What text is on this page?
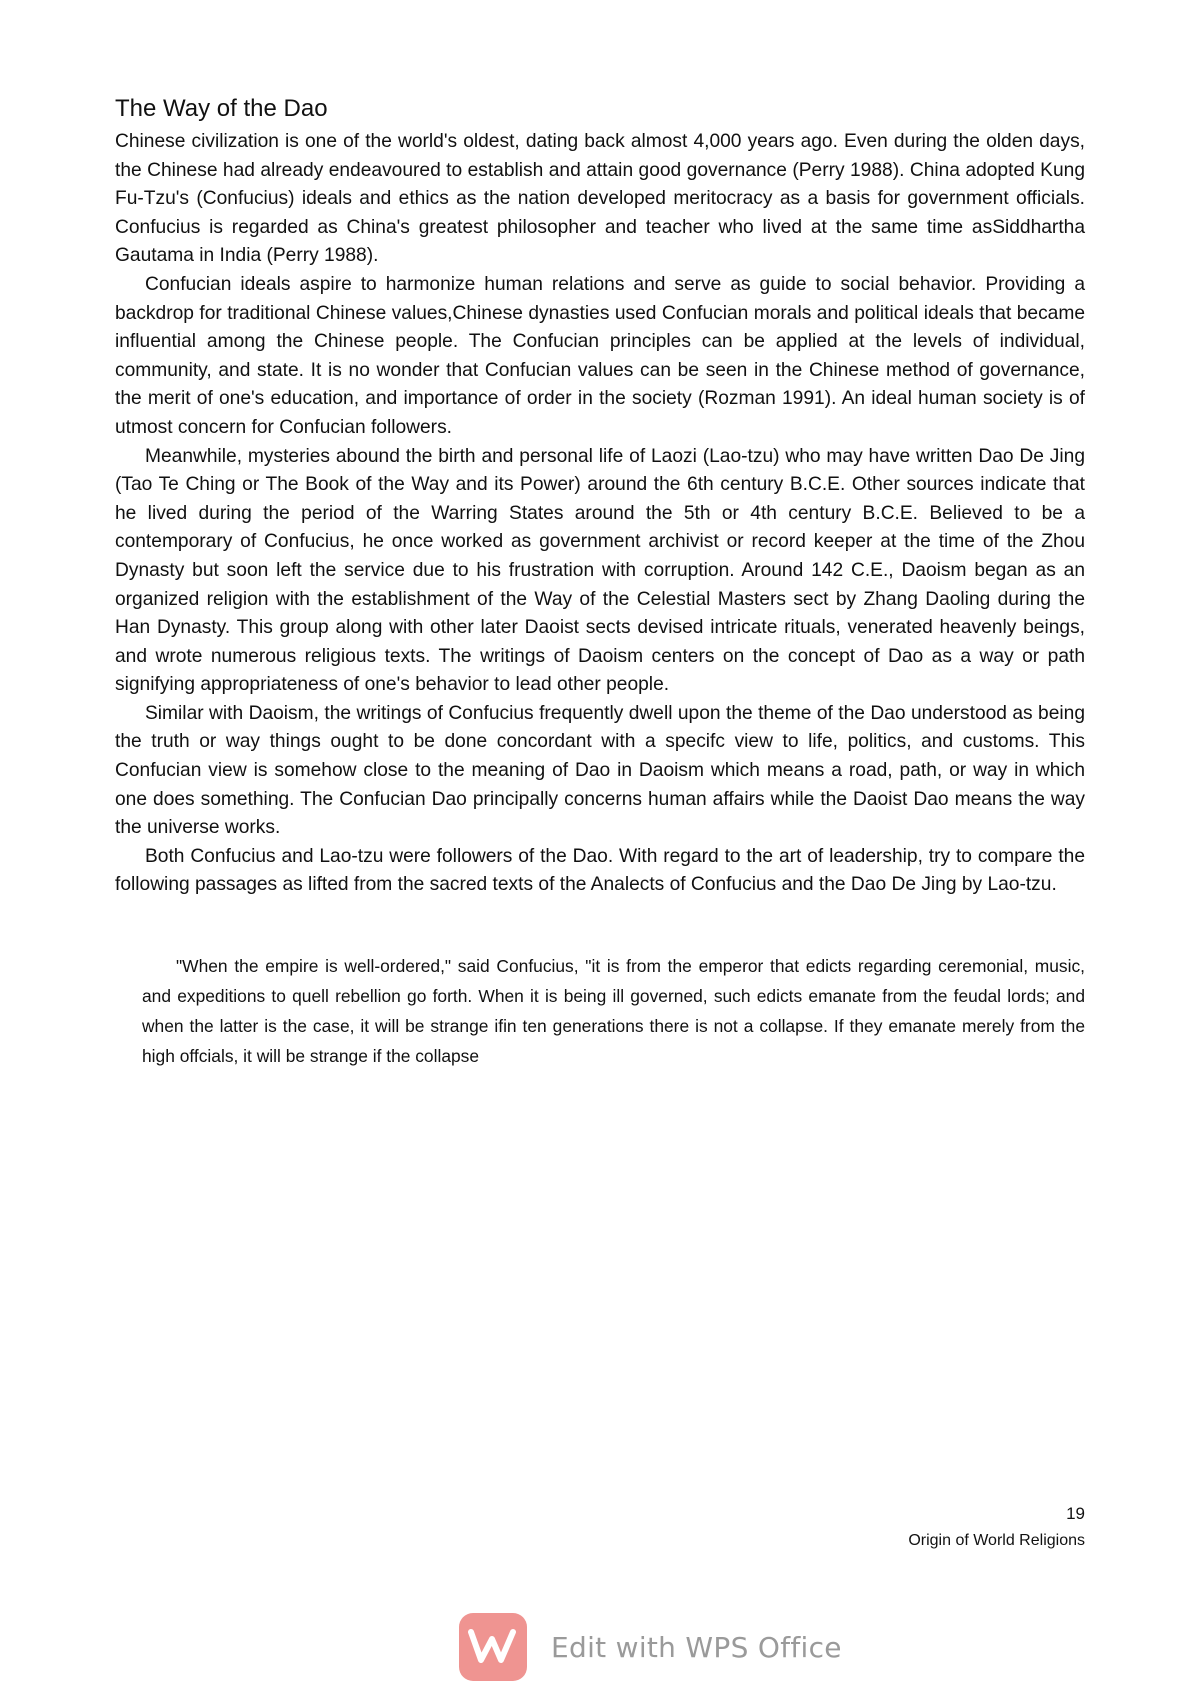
The Way of the Dao

Chinese civilization is one of the world's oldest, dating back almost 4,000 years ago. Even during the olden days, the Chinese had already endeavoured to establish and attain good governance (Perry 1988). China adopted Kung Fu-Tzu's (Confucius) ideals and ethics as the nation developed meritocracy as a basis for government officials. Confucius is regarded as China's greatest philosopher and teacher who lived at the same time asSiddhartha Gautama in India (Perry 1988).

Confucian ideals aspire to harmonize human relations and serve as guide to social behavior. Providing a backdrop for traditional Chinese values,Chinese dynasties used Confucian morals and political ideals that became influential among the Chinese people. The Confucian principles can be applied at the levels of individual, community, and state. It is no wonder that Confucian values can be seen in the Chinese method of governance, the merit of one's education, and importance of order in the society (Rozman 1991). An ideal human society is of utmost concern for Confucian followers.

Meanwhile, mysteries abound the birth and personal life of Laozi (Lao-tzu) who may have written Dao De Jing (Tao Te Ching or The Book of the Way and its Power) around the 6th century B.C.E. Other sources indicate that he lived during the period of the Warring States around the 5th or 4th century B.C.E. Believed to be a contemporary of Confucius, he once worked as government archivist or record keeper at the time of the Zhou Dynasty but soon left the service due to his frustration with corruption. Around 142 C.E., Daoism began as an organized religion with the establishment of the Way of the Celestial Masters sect by Zhang Daoling during the Han Dynasty. This group along with other later Daoist sects devised intricate rituals, venerated heavenly beings, and wrote numerous religious texts. The writings of Daoism centers on the concept of Dao as a way or path signifying appropriateness of one's behavior to lead other people.

Similar with Daoism, the writings of Confucius frequently dwell upon the theme of the Dao understood as being the truth or way things ought to be done concordant with a specifc view to life, politics, and customs. This Confucian view is somehow close to the meaning of Dao in Daoism which means a road, path, or way in which one does something. The Confucian Dao principally concerns human affairs while the Daoist Dao means the way the universe works.

Both Confucius and Lao-tzu were followers of the Dao. With regard to the art of leadership, try to compare the following passages as lifted from the sacred texts of the Analects of Confucius and the Dao De Jing by Lao-tzu.

"When the empire is well-ordered," said Confucius, "it is from the emperor that edicts regarding ceremonial, music, and expeditions to quell rebellion go forth. When it is being ill governed, such edicts emanate from the feudal lords; and when the latter is the case, it will be strange ifin ten generations there is not a collapse. If they emanate merely from the high offcials, it will be strange if the collapse

19
Origin of World Religions
Edit with WPS Office
